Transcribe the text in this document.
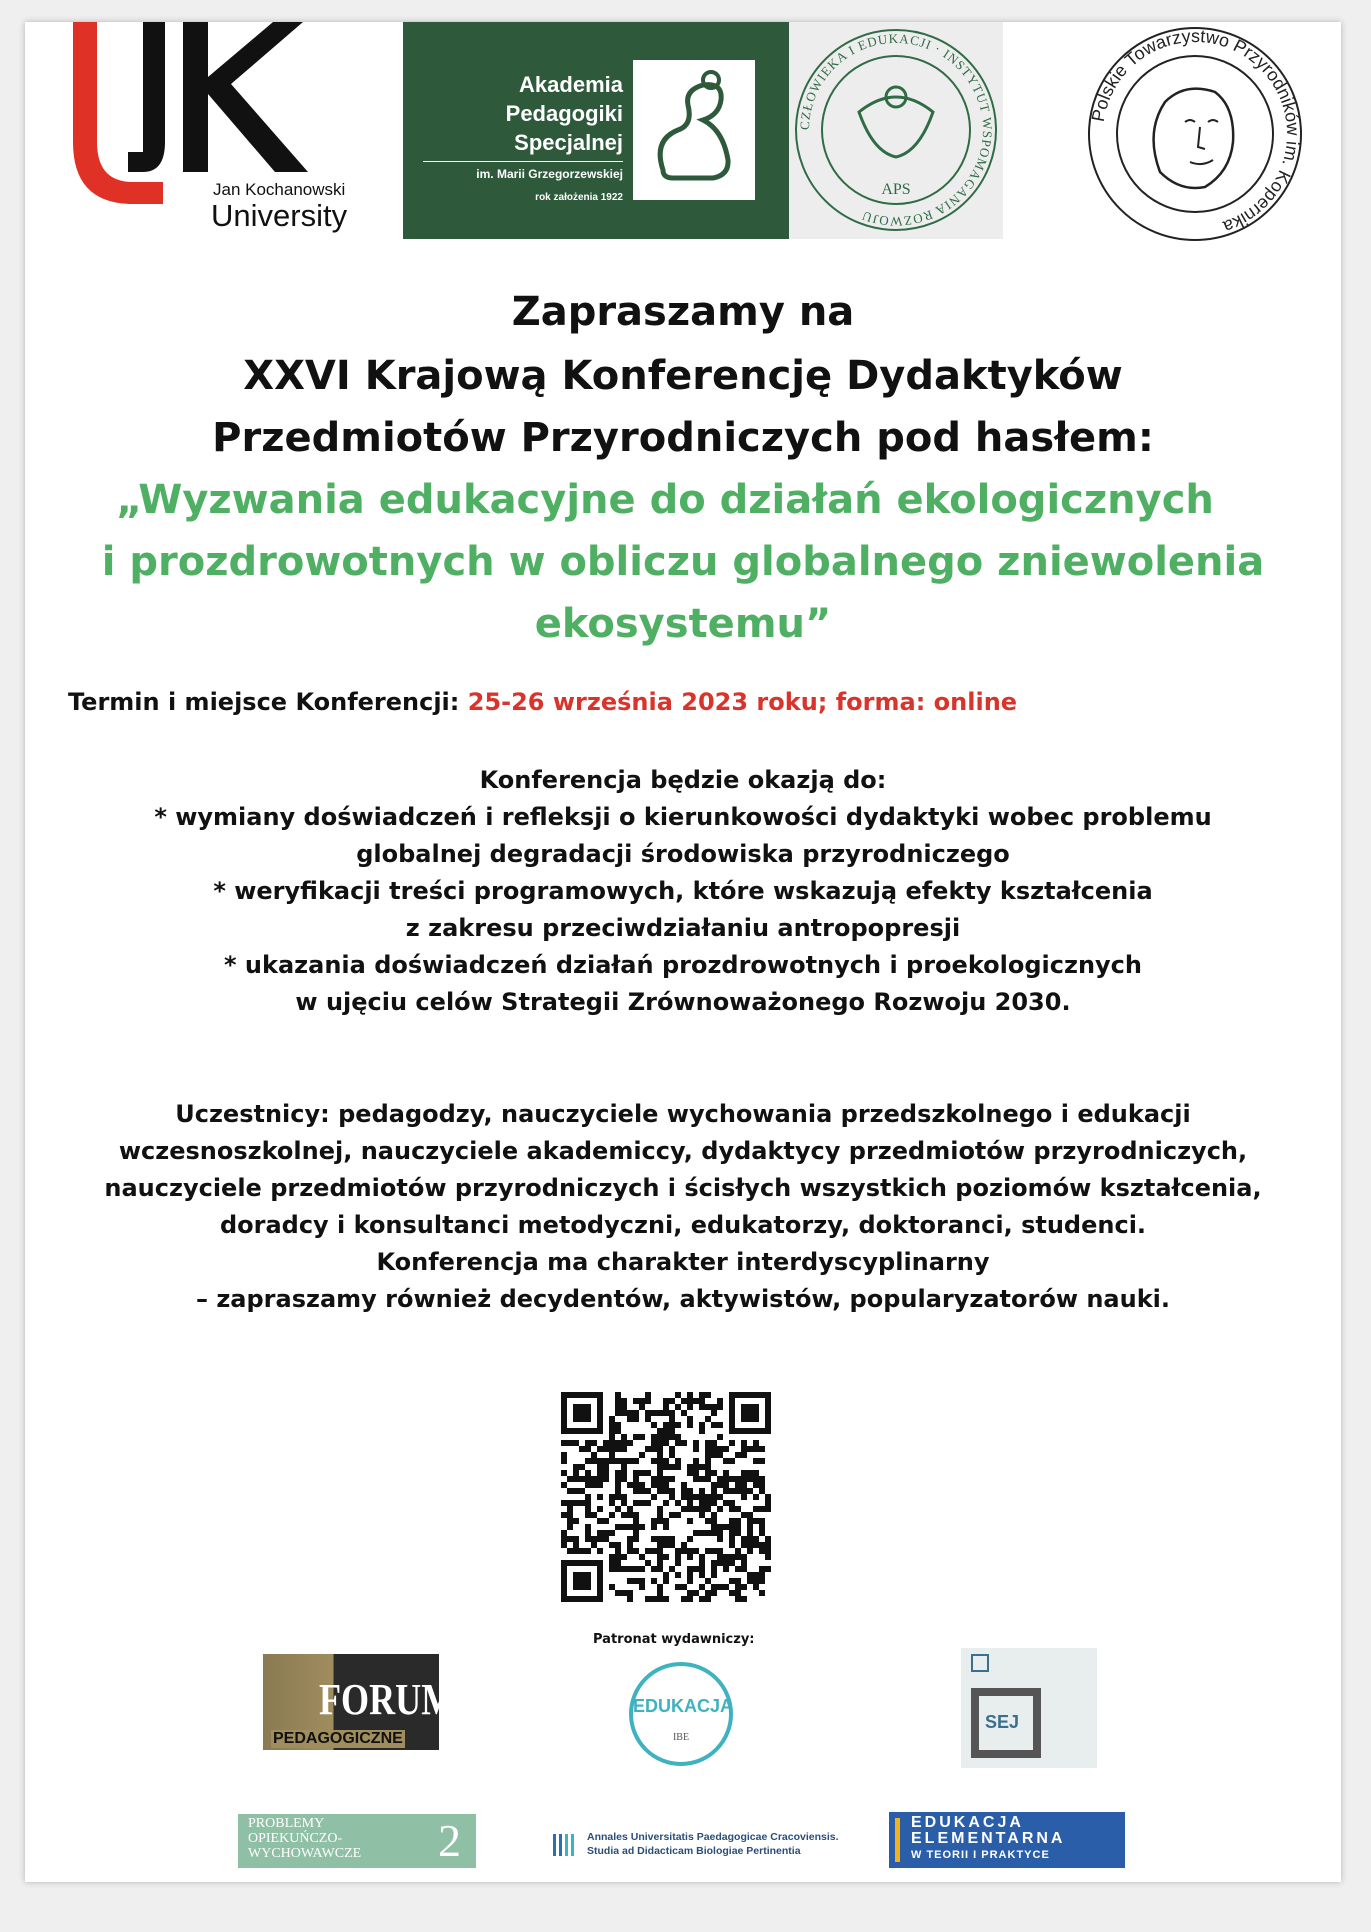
Jan Kochanowski
University
Akademia
Pedagogiki
Specjalnej
im. Marii Grzegorzewskiej
rok założenia 1922
CZŁOWIEKA I EDUKACJI · INSTYTUT WSPOMAGANIA ROZWOJU
APS
Polskie Towarzystwo Przyrodników im. Kopernika
Zapraszamy na
XXVI Krajową Konferencję Dydaktyków
Przedmiotów Przyrodniczych pod hasłem:
„Wyzwania edukacyjne do działań ekologicznych
i prozdrowotnych w obliczu globalnego zniewolenia
ekosystemu”
Termin i miejsce Konferencji: 25-26 września 2023 roku; forma: online
Konferencja będzie okazją do:
* wymiany doświadczeń i refleksji o kierunkowości dydaktyki wobec problemu
globalnej degradacji środowiska przyrodniczego
* weryfikacji treści programowych, które wskazują efekty kształcenia
z zakresu przeciwdziałaniu antropopresji
* ukazania doświadczeń działań prozdrowotnych i proekologicznych
w ujęciu celów Strategii Zrównoważonego Rozwoju 2030.
Uczestnicy: pedagodzy, nauczyciele wychowania przedszkolnego i edukacji
wczesnoszkolnej, nauczyciele akademiccy, dydaktycy przedmiotów przyrodniczych,
nauczyciele przedmiotów przyrodniczych i ścisłych wszystkich poziomów kształcenia,
doradcy i konsultanci metodyczni, edukatorzy, doktoranci, studenci.
Konferencja ma charakter interdyscyplinarny
– zapraszamy również decydentów, aktywistów, popularyzatorów nauki.
Patronat wydawniczy:
FORUM
PEDAGOGICZNE
EDUKACJA
IBE
SEJ
PROBLEMY
OPIEKUŃCZO-
WYCHOWAWCZE 2	Annales Universitatis Paedagogicae Cracoviensis.
Studia ad Didacticam Biologiae Pertinentia
EDUKACJA
ELEMENTARNA
W TEORII I PRAKTYCE
